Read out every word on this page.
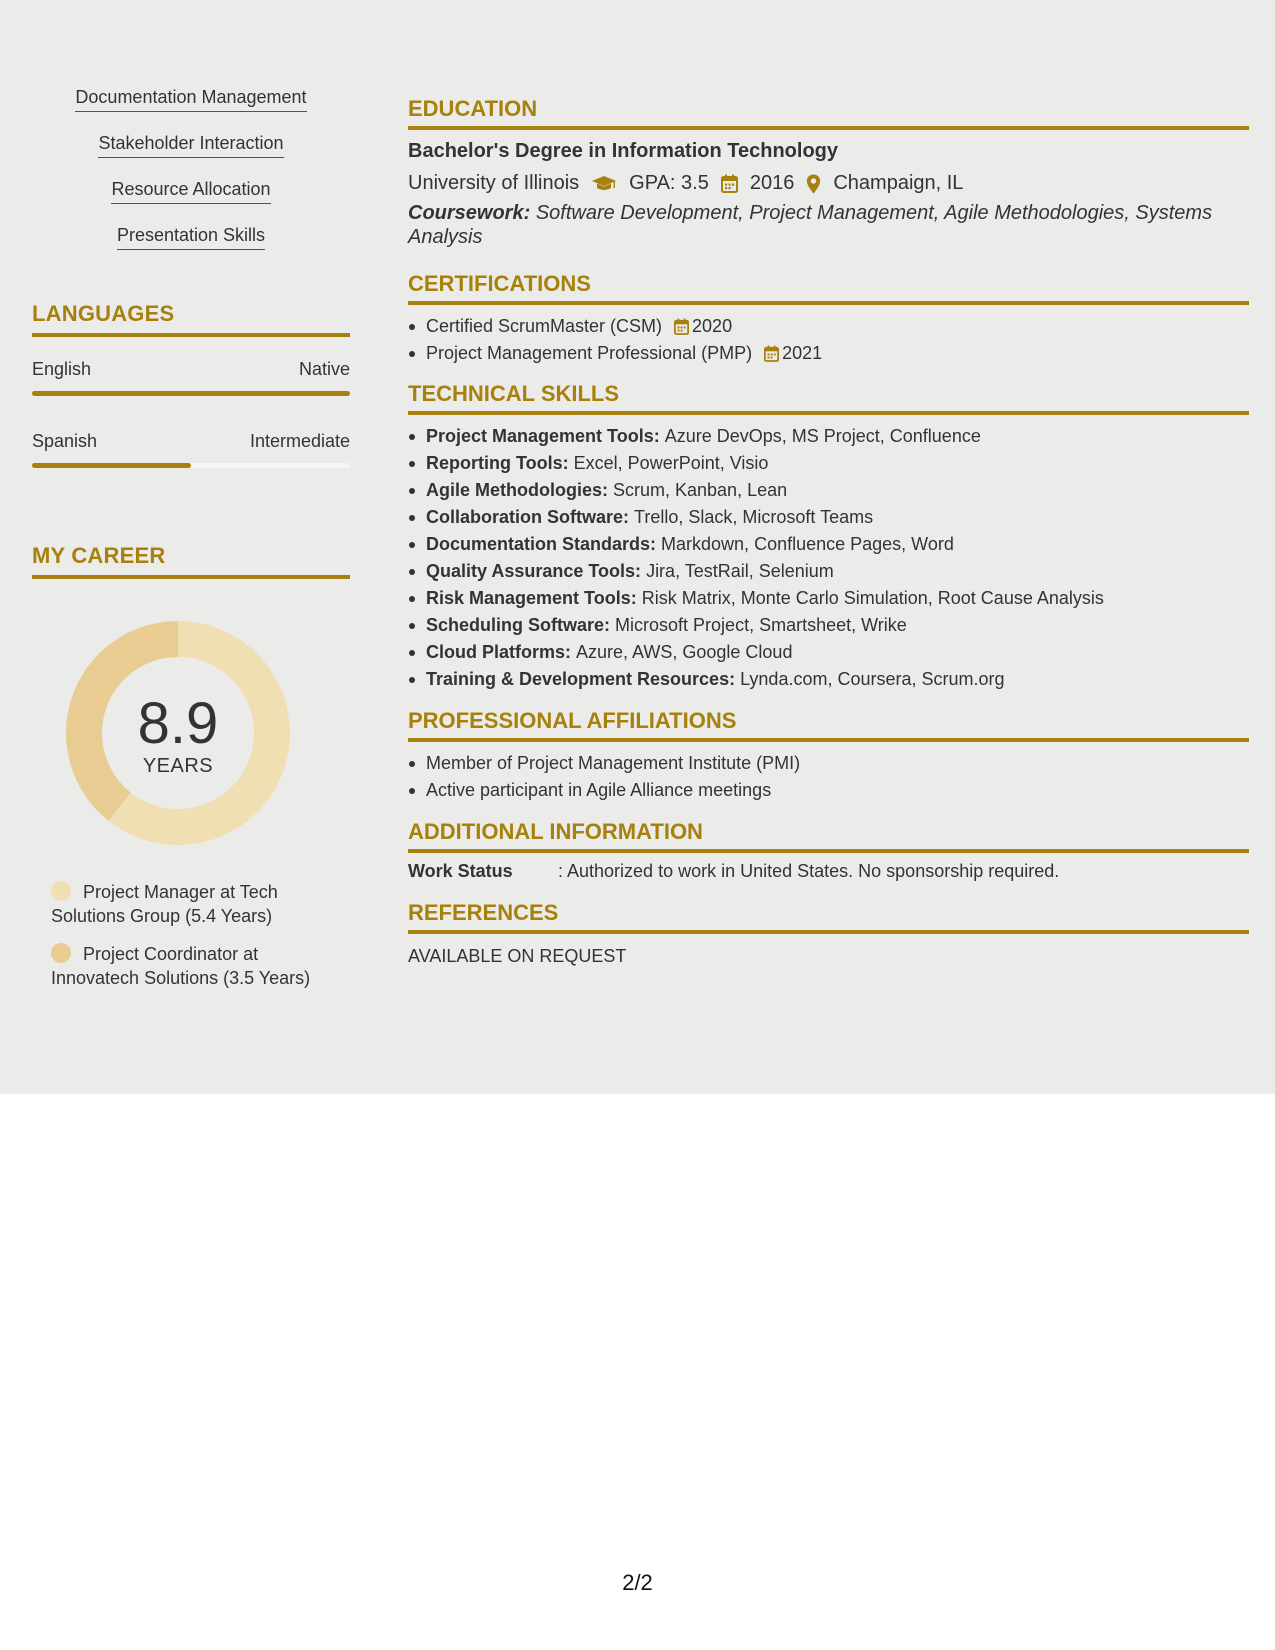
Documentation Management
Stakeholder Interaction
Resource Allocation
Presentation Skills
LANGUAGES
English	Native
Spanish	Intermediate
MY CAREER
8.9
YEARS
Project Manager at Tech Solutions Group (5.4 Years)
Project Coordinator at Innovatech Solutions (3.5 Years)
EDUCATION
Bachelor's Degree in Information Technology
University of Illinois	GPA: 3.5 2016 Champaign, IL
Coursework: Software Development, Project Management, Agile Methodologies, Systems Analysis
CERTIFICATIONS
Certified ScrumMaster (CSM) 2020
Project Management Professional (PMP) 2021
TECHNICAL SKILLS
Project Management Tools: Azure DevOps, MS Project, Confluence
Reporting Tools: Excel, PowerPoint, Visio
Agile Methodologies: Scrum, Kanban, Lean
Collaboration Software: Trello, Slack, Microsoft Teams
Documentation Standards: Markdown, Confluence Pages, Word
Quality Assurance Tools: Jira, TestRail, Selenium
Risk Management Tools: Risk Matrix, Monte Carlo Simulation, Root Cause Analysis
Scheduling Software: Microsoft Project, Smartsheet, Wrike
Cloud Platforms: Azure, AWS, Google Cloud
Training & Development Resources: Lynda.com, Coursera, Scrum.org
PROFESSIONAL AFFILIATIONS
Member of Project Management Institute (PMI)
Active participant in Agile Alliance meetings
ADDITIONAL INFORMATION
Work Status	: Authorized to work in United States. No sponsorship required.
REFERENCES
AVAILABLE ON REQUEST
2/2
